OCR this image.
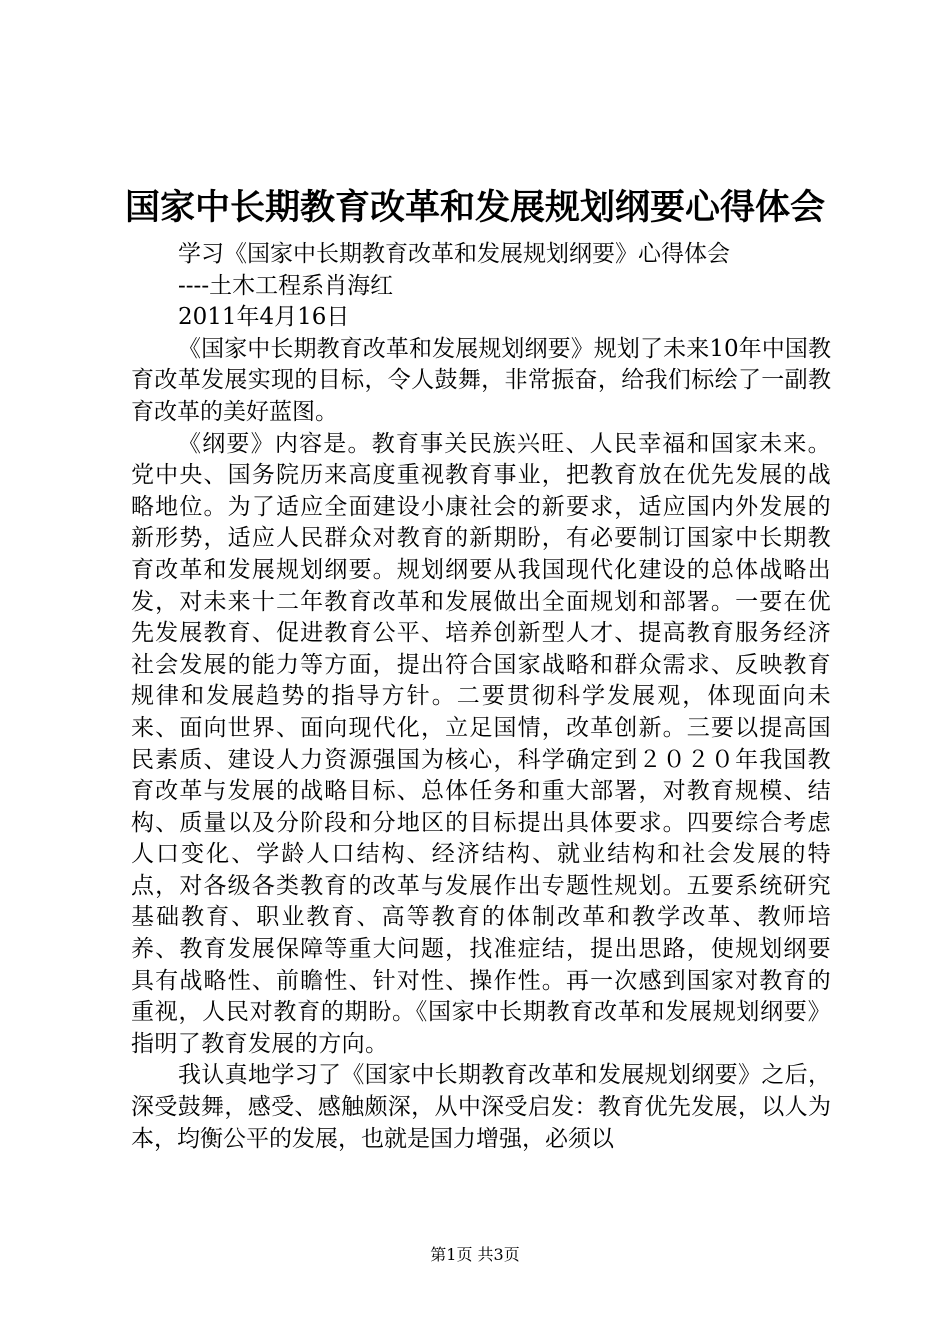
国家中长期教育改革和发展规划纲要心得体会

学习《国家中长期教育改革和发展规划纲要》心得体会

----土木工程系肖海红

2011年4月16日

《国家中长期教育改革和发展规划纲要》规划了未来10年中国教育改革发展实现的目标，令人鼓舞，非常振奋，给我们标绘了一副教育改革的美好蓝图。

《纲要》内容是。教育事关民族兴旺、人民幸福和国家未来。党中央、国务院历来高度重视教育事业，把教育放在优先发展的战略地位。为了适应全面建设小康社会的新要求，适应国内外发展的新形势，适应人民群众对教育的新期盼，有必要制订国家中长期教育改革和发展规划纲要。规划纲要从我国现代化建设的总体战略出发，对未来十二年教育改革和发展做出全面规划和部署。一要在优先发展教育、促进教育公平、培养创新型人才、提高教育服务经济社会发展的能力等方面，提出符合国家战略和群众需求、反映教育规律和发展趋势的指导方针。二要贯彻科学发展观，体现面向未来、面向世界、面向现代化，立足国情，改革创新。三要以提高国民素质、建设人力资源强国为核心，科学确定到２０２０年我国教育改革与发展的战略目标、总体任务和重大部署，对教育规模、结构、质量以及分阶段和分地区的目标提出具体要求。四要综合考虑人口变化、学龄人口结构、经济结构、就业结构和社会发展的特点，对各级各类教育的改革与发展作出专题性规划。五要系统研究基础教育、职业教育、高等教育的体制改革和教学改革、教师培养、教育发展保障等重大问题，找准症结，提出思路，使规划纲要具有战略性、前瞻性、针对性、操作性。再一次感到国家对教育的重视，人民对教育的期盼。《国家中长期教育改革和发展规划纲要》指明了教育发展的方向。

我认真地学习了《国家中长期教育改革和发展规划纲要》之后，深受鼓舞，感受、感触颇深，从中深受启发：教育优先发展，以人为本，均衡公平的发展，也就是国力增强，必须以

第1页 共3页
